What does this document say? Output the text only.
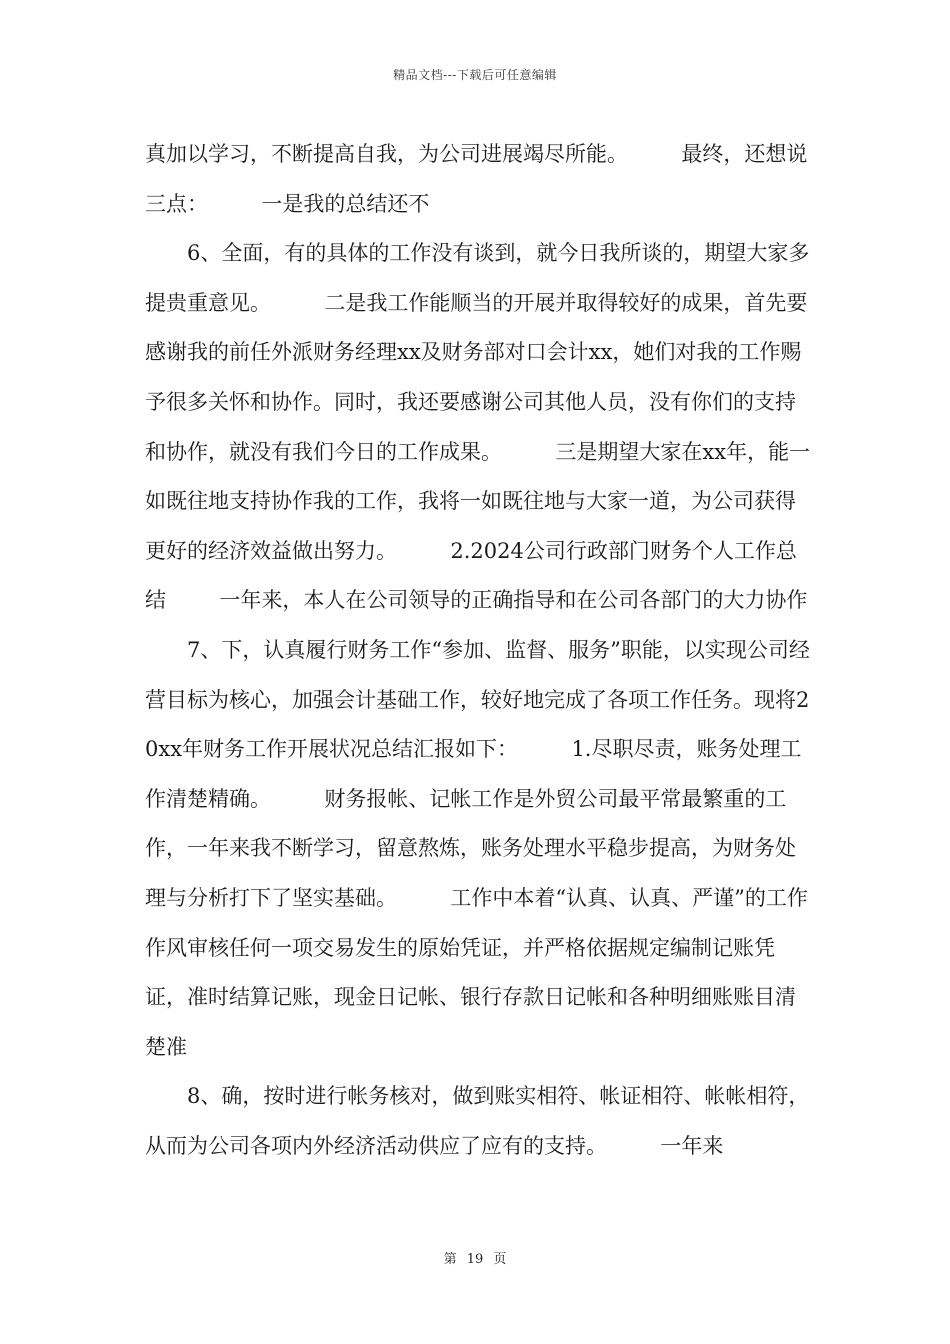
精品文档---下载后可任意编辑

真加以学习，不断提高自我，为公司进展竭尽所能。        最终，还想说三点：        一是我的总结还不

6、全面，有的具体的工作没有谈到，就今日我所谈的，期望大家多提贵重意见。        二是我工作能顺当的开展并取得较好的成果，首先要感谢我的前任外派财务经理xx及财务部对口会计xx，她们对我的工作赐予很多关怀和协作。同时，我还要感谢公司其他人员，没有你们的支持和协作，就没有我们今日的工作成果。        三是期望大家在xx年，能一如既往地支持协作我的工作，我将一如既往地与大家一道，为公司获得更好的经济效益做出努力。        2.2024公司行政部门财务个人工作总结        一年来，本人在公司领导的正确指导和在公司各部门的大力协作

7、下，认真履行财务工作“参加、监督、服务”职能，以实现公司经营目标为核心，加强会计基础工作，较好地完成了各项工作任务。现将20xx年财务工作开展状况总结汇报如下：        1.尽职尽责，账务处理工作清楚精确。        财务报帐、记帐工作是外贸公司最平常最繁重的工作，一年来我不断学习，留意熬炼，账务处理水平稳步提高，为财务处理与分析打下了坚实基础。        工作中本着“认真、认真、严谨”的工作作风审核任何一项交易发生的原始凭证，并严格依据规定编制记账凭证，准时结算记账，现金日记帐、银行存款日记帐和各种明细账账目清楚准

8、确，按时进行帐务核对，做到账实相符、帐证相符、帐帐相符，从而为公司各项内外经济活动供应了应有的支持。        一年来

第 19 页
